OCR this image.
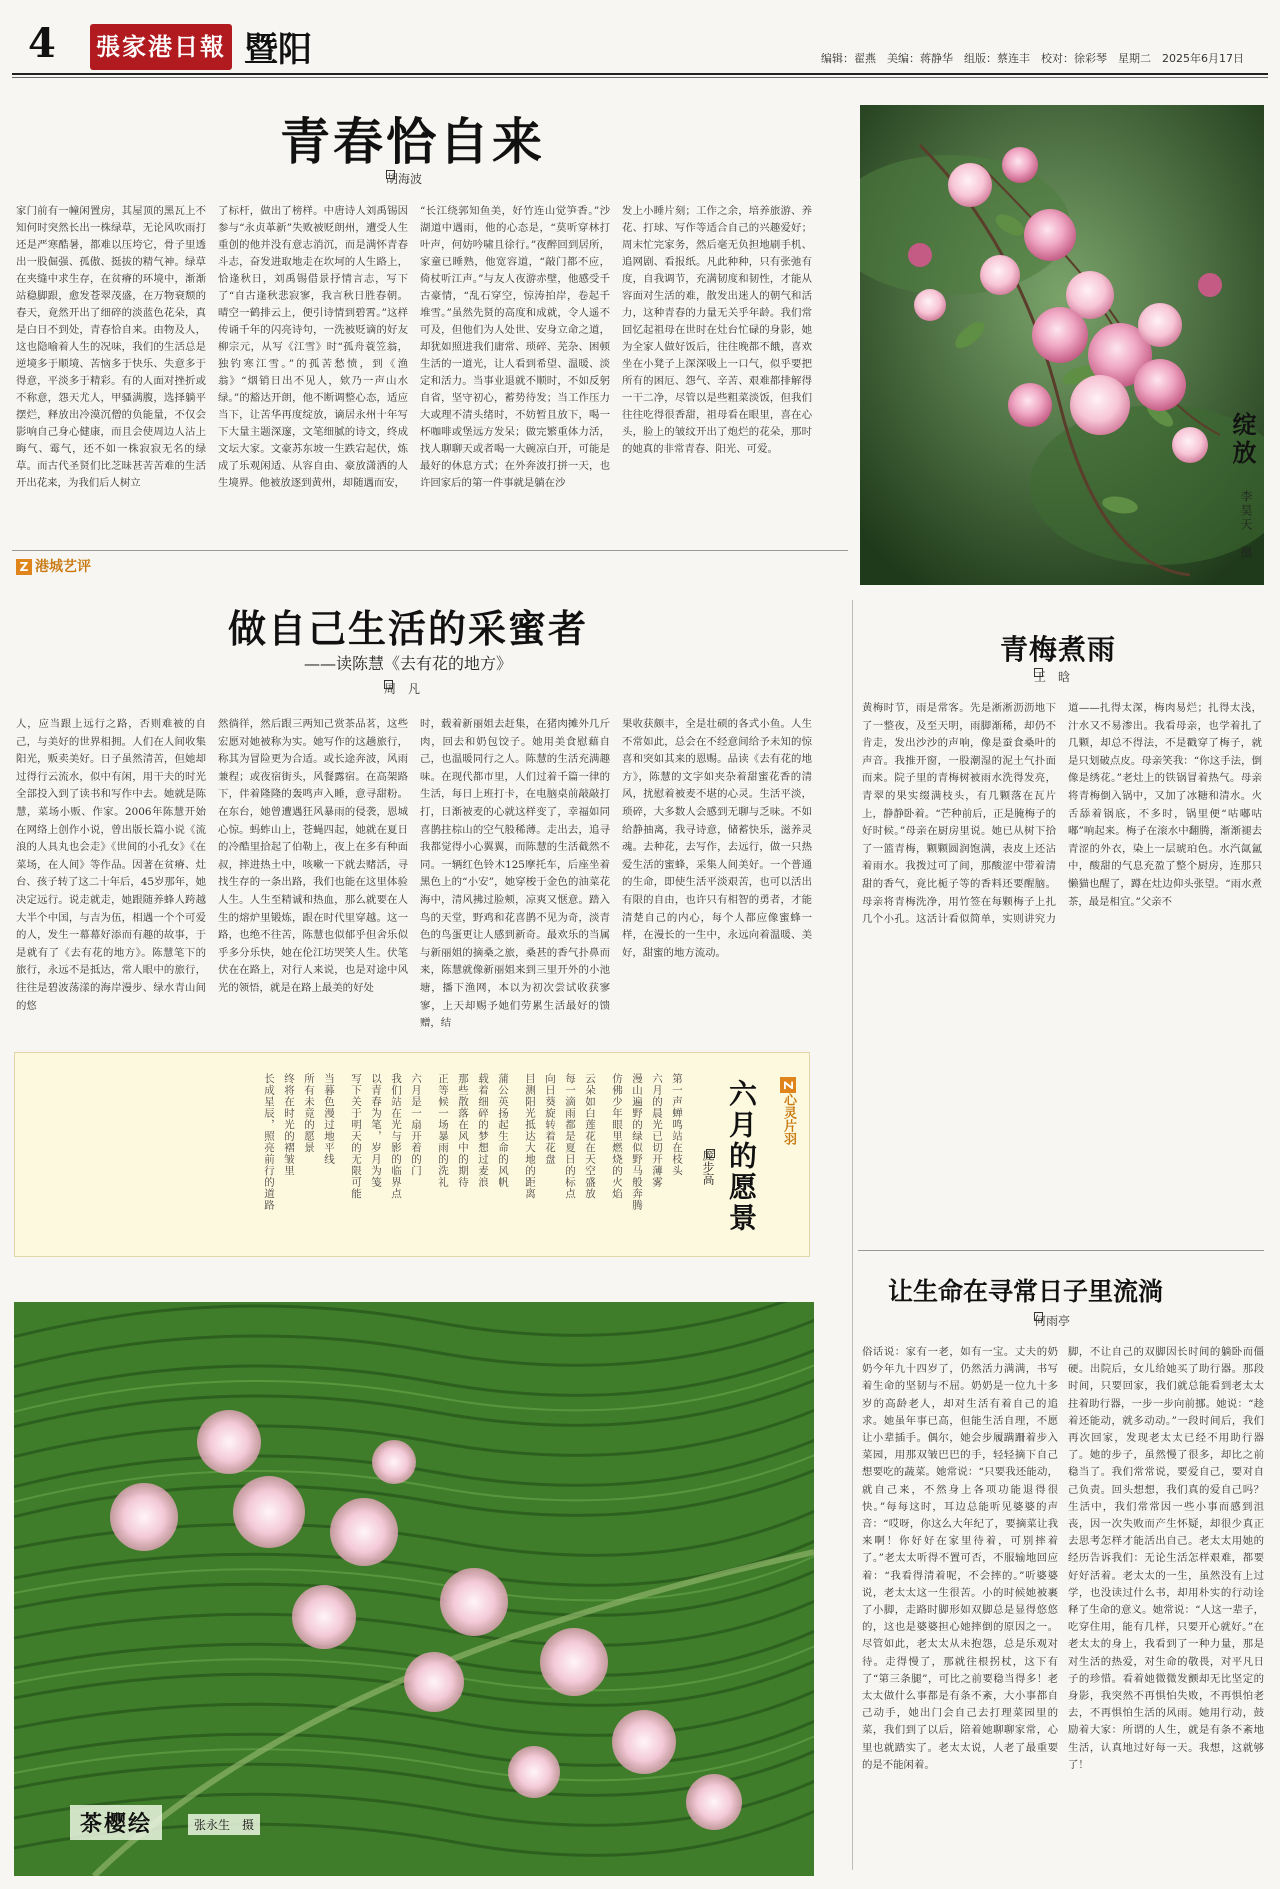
4 張家港日報 暨阳	编辑：翟燕　美编：蒋静华　组版：蔡连丰　校对：徐彩琴　星期二　2025年6月17日
青春恰自来
胡海波
家门前有一幢闲置房，其屋顶的黑瓦上不知何时突然长出一株绿草，无论风吹雨打还是严寒酷暑，都难以压垮它，骨子里透出一股倔强、孤傲、挺拔的精气神。绿草在夹缝中求生存，在贫瘠的环境中，渐渐站稳脚跟，愈发苍翠茂盛，在万物衰颓的春天，竟然开出了细碎的淡蓝色花朵，真是白日不到处，青春恰自来。由物及人，这也隐喻着人生的况味，我们的生活总是逆境多于顺境、苦恼多于快乐、失意多于得意，平淡多于精彩。有的人面对挫折或不称意，怨天尤人，甲骚满腹，选择躺平摆烂，释放出冷漠沉僧的负能量，不仅会影响自己身心健康，而且会使周边人沾上晦气、霉气，还不如一株寂寂无名的绿草。而古代圣贤们比芝昧甚苦苦难的生活开出花来，为我们后人树立
了标杆，做出了榜样。中唐诗人刘禹锡因参与“永贞革新”失败被贬朗州，遭受人生重创的他并没有意志消沉，而是满怀青春斗志，奋发进取地走在坎坷的人生路上，恰逢秋日，刘禹锡借景抒情言志，写下了“自古逢秋悲寂寥，我言秋日胜春朝。晴空一鹤排云上，便引诗情到碧霄。”这样传诵千年的闪亮诗句，一洗被贬谪的好友柳宗元，从写《江雪》时“孤舟蓑笠翁，独钓寒江雪。”的孤苦愁愤，到《渔翁》“烟销日出不见人，欸乃一声山水绿。”的豁达开朗，他不断调整心态，适应当下，让苦华再度绽放，谪居永州十年写下大量主题深邃，文笔细腻的诗文，终成文坛大家。文豪苏东坡一生跌宕起伏，炼成了乐观闲适、从容自由、豪放潇洒的人生境界。他被放逐到黄州，却随遇而安，
“长江绕郭知鱼美，好竹连山觉笋香。”沙湖道中遇雨，他的心态是，“莫听穿林打叶声，何妨吟啸且徐行。”夜醉回到居所，家童已睡熟，他宽容道，“敲门都不应，倚杖听江声。”与友人夜游赤壁，他感受千古豪情，“乱石穿空，惊涛拍岸，卷起千堆雪。”虽然先贤的高度和成就，令人遥不可及，但他们为人处世、安身立命之道，却犹如照进我们庸常、琐碎、芜杂、困顿生活的一道光，让人看到希望、温暖、淡定和活力。当事业退就不顺时，不如反躬自省，坚守初心，蓄势待发；当工作压力大或理不清头绪时，不妨暂且放下，喝一杯咖啡或堡远方发呆；做完繁重体力活，找人聊聊天或者喝一大碗凉白开，可能是最好的休息方式；在外奔波打拼一天，也许回家后的第一件事就是躺在沙
发上小睡片刻；工作之余，培养旅游、养花、打球、写作等适合自己的兴趣爱好；周末忙完家务，然后毫无负担地刷手机、追网剧、看报纸。凡此种种，只有张弛有度，自我调节，充满韧度和韧性，才能从容面对生活的难，散发出迷人的朝气和活力，这种青春的力量无关乎年龄。我们常回忆起祖母在世时在灶台忙碌的身影，她为全家人做好饭后，往往晚都不餓，喜欢坐在小凳子上深深吸上一口气，似乎要把所有的困厄、怨气、辛苦、艰难都排解得一干二净，尽管以是些粗菜淡饭，但我们往往吃得很香甜，祖母看在眼里，喜在心头，脸上的皱纹开出了炮烂的花朵，那时的她真的非常青春、阳光、可爱。	绽放
李昊天　摄
Z 港城艺评
做自己生活的采蜜者
——读陈慧《去有花的地方》
周　凡
人，应当跟上远行之路，否则难被的自己，与美好的世界相拥。人们在人间收集阳光，贩卖美好。日子虽然清苦，但她却过得行云流水，似中有闲，用干夫的时光全部投入到了读书和写作中去。她就是陈慧，菜场小贩、作家。2006年陈慧开始在网络上创作小说，曾出版长篇小说《流浪的人具丸也会走》《世间的小孔女》《在菜场，在人间》等作品。因著在贫瘠、灶台、孩子转了这二十年后，45岁那年，她决定远行。说走就走，她跟随养蜂人跨越大半个中国，与吉为伍，相遇一个个可爱的人，发生一幕幕好添而有趣的故事，于是就有了《去有花的地方》。陈慧笔下的旅行，永远不是抵达，常人眼中的旅行，往往是碧波荡漾的海岸漫步、绿水青山间的悠
然徜徉，然后跟三两知己赏茶品茗，这些宏愿对她被称为实。她写作的这趟旅行，称其为冒险更为合适。或长途奔波，风雨兼程；或夜宿街头，风餐露宿。在高架路下，伴着隆隆的轰鸣声入睡，意寻甜粉。在东台，她曾遭遇狂风暴雨的侵袭，恩城心惊。蚂蚱山上，苍蝇四起，她就在夏日的冷酷里拾起了伯勒上，夜上在多有种面叔，摔进热土中，咳嗽一下就去赌活，寻找生存的一条出路，我们也能在这里体验人生。人生至精诚和热血，那么就要在人生的熔炉里锻炼，跟在时代里穿越。这一路，也绝不往苦，陈慧也似郁乎但舍乐似乎多分乐快，她在伦江坊哭笑人生。伏笔伏在在路上，对行人来说，也是对途中风光的领悟，就是在路上最美的好处
时，载着新丽姐去赶集，在猪肉摊外几斤肉，回去和奶包饺子。她用美食慰藉自己，也温暖同行之人。陈慧的生活充满趣味。在现代都市里，人们过着千篇一律的生活，每日上班打卡，在电脑桌前敲敲打打，日渐被麦的心就这样变了，幸福如同喜鹊拄棕山的空气般稀薄。走出去，追寻我都觉得小心翼翼，而陈慧的生活截然不同。一辆红色铃木125摩托车，后座坐着黑色上的“小安”，她穿梭于金色的油菜花海中，清风拂过脸颊，凉爽又惬意。踏入鸟的天堂，野鸡和花喜鹊不见为奇，淡青色的鸟蛋更让人感到新奇。最欢乐的当属与新丽姐的摘桑之旅，桑甚的香气扑鼻而来，陈慧就像新丽姐来到三里开外的小池塘，播下渔网，本以为初次尝试收获寥寥，上天却赐予她们劳累生活最好的馈赠，结
果收获颇丰，全是壮硕的各式小鱼。人生不常如此，总会在不经意间给予未知的惊喜和突如其来的恩赐。品读《去有花的地方》，陈慧的文字如夹杂着甜蜜花香的清风，扰慰着被麦不堪的心灵。生活平淡，琐碎，大多数人会感到无聊与乏味。不如给静抽离，我寻诗意，储蓄快乐，滋养灵魂。去种花，去写作，去远行，做一只热爱生活的蜜蜂，采集人间美好。一个普通的生命，即使生活平淡艰苦，也可以活出有限的自由，也许只有相智的勇者，才能清楚自己的内心，每个人都应像蜜蜂一样，在漫长的一生中，永远向着温暖、美好，甜蜜的地方流动。
Z心灵片羽
六月的愿景
庞步高
第一声蝉鸣站在枝头
六月的晨光已切开薄雾
漫山遍野的绿似野马般奔腾
仿佛少年眼里燃烧的火焰
云朵如白莲花在天空盛放
每一滴雨都是夏日的标点
向日葵旋转着花盘
目测阳光抵达大地的距离
蒲公英扬起生命的风帆
载着细碎的梦想过麦浪
那些散落在风中的期待
正等候一场暴雨的洗礼
六月是一扇开着的门
我们站在光与影的临界点
以青春为笔，岁月为笺
写下关于明天的无限可能
当暮色漫过地平线
所有未竟的愿景
终将在时光的褶皱里
长成星辰，照亮前行的道路
青梅煮雨
王　晗
黄梅时节，雨是常客。先是淅淅沥沥地下了一整夜，及至天明，雨脚渐稀，却仍不肯走，发出沙沙的声响，像是蚕食桑叶的声音。我推开窗，一股潮湿的泥土气扑面而来。院子里的青梅树被雨水洗得发亮，青翠的果实缀满枝头，有几颗落在瓦片上，静静卧着。“芒种前后，正是腌梅子的好时候。”母亲在厨房里说。她已从树下拾了一篮青梅，颗颗圆润饱满，表皮上还沾着雨水。我拨过可了间，那酸涩中带着清甜的香气，竟比栀子等的香料还要醒脑。母亲将青梅洗净，用竹签在每颗梅子上扎几个小孔。这活计看似简单，实则讲究力道——扎得太深，梅肉易烂；扎得太浅，汁水又不易渗出。我看母亲，也学着扎了几颗，却总不得法，不是戳穿了梅子，就是只划破点皮。母亲笑我：“你这手法，倒像是绣花。”老灶上的铁锅冒着热气。母亲将青梅倒入锅中，又加了冰糖和清水。火舌舔着锅底，不多时，锅里便“咕嘟咕嘟”响起来。梅子在滚水中翻腾，渐渐褪去青涩的外衣，染上一层琥珀色。水汽氤氲中，酸甜的气息充盈了整个厨房，连那只懒猫也醒了，蹲在灶边仰头张望。“雨水煮茶，最是相宜。”父亲不
让生命在寻常日子里流淌
何雨亭
俗话说：家有一老，如有一宝。丈夫的奶奶今年九十四岁了，仍然活力满满，书写着生命的坚韧与不屈。奶奶是一位九十多岁的高龄老人，却对生活有着自己的追求。她虽年事已高，但能生活自理，不愿让小辈插手。偶尔，她会步履蹒跚着步入菜园，用那双皱巴巴的手，轻轻摘下自己想要吃的蔬菜。她常说：“只要我还能动，就自己来，不然身上各项功能退得很快。”每每这时，耳边总能听见婆婆的声音：“哎呀，你这么大年纪了，要摘菜让我来啊！你好好在家里待着，可别摔着了。”老太太听得不置可否，不服输地回应着：“我看得清着呢，不会摔的。”听婆婆说，老太太这一生很苦。小的时候她被裹了小脚，走路时脚形如双脚总是显得悠悠的，这也是婆婆担心她摔倒的原因之一。尽管如此，老太太从未抱怨，总是乐观对待。走得慢了，那就往根拐杖，这下有了“第三条腿”，可比之前要稳当得多！老太太做什么事都是有条不紊，大小事都自己动手，她出门会自己去打理菜园里的菜，我们到了以后，陪着她聊聊家常，心里也就踏实了。老太太说，人老了最重要的是不能闲着。
脚，不让自己的双脚因长时间的躺卧而僵硬。出院后，女儿给她买了助行器。那段时间，只要回家，我们就总能看到老太太拄着助行器，一步一步向前挪。她说：“趁着还能动，就多动动。”一段时间后，我们再次回家，发现老太太已经不用助行器了。她的步子，虽然慢了很多，却比之前稳当了。我们常常说，要爱自己，要对自己负责。回头想想，我们真的爱自己吗？生活中，我们常常因一些小事而感到沮丧，因一次失败而产生怀疑，却很少真正去思考怎样才能活出自己。老太太用她的经历告诉我们：无论生活怎样艰难，都要好好活着。老太太的一生，虽然没有上过学，也没读过什么书，却用朴实的行动诠释了生命的意义。她常说：“人这一辈子，吃穿住用，能有几样，只要开心就好。”在老太太的身上，我看到了一种力量，那是对生活的热爱，对生命的敬畏，对平凡日子的珍惜。看着她微微发颤却无比坚定的身影，我突然不再惧怕失败，不再惧怕老去，不再惧怕生活的风雨。她用行动，鼓励着大家：所谓的人生，就是有条不紊地生活，认真地过好每一天。我想，这就够了！
茶樱绘	张永生　摄
